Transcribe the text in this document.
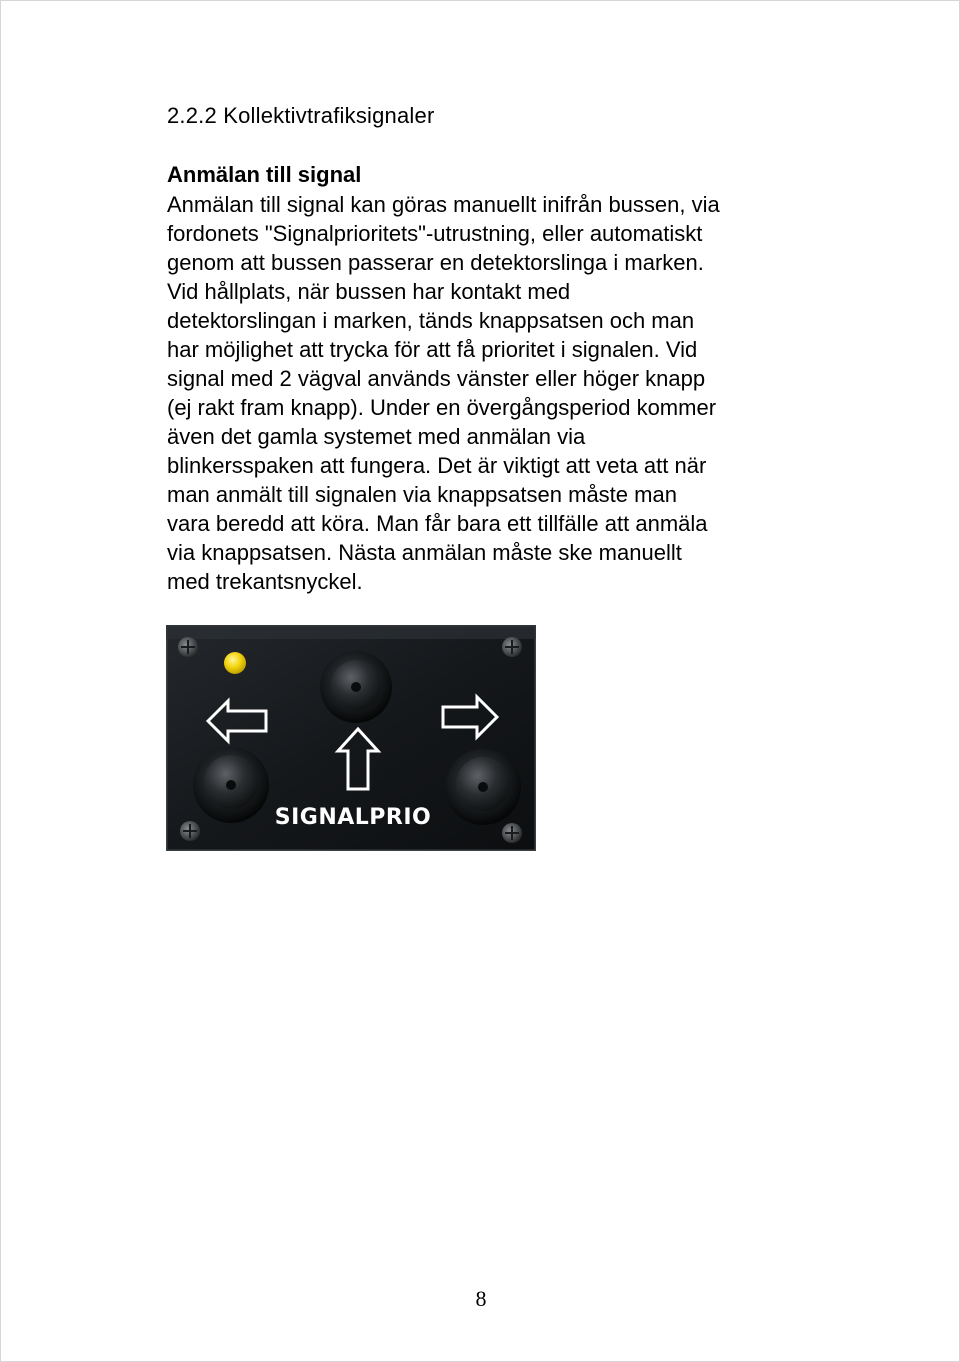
2.2.2 Kollektivtrafiksignaler
Anmälan till signal

Anmälan till signal kan göras manuellt inifrån bussen, via
fordonets "Signalprioritets"-utrustning, eller automatiskt
genom att bussen passerar en detektorslinga i marken.
Vid hållplats, när bussen har kontakt med
detektorslingan i marken, tänds knappsatsen och man
har möjlighet att trycka för att få prioritet i signalen. Vid
signal med 2 vägval används vänster eller höger knapp
(ej rakt fram knapp). Under en övergångsperiod kommer
även det gamla systemet med anmälan via
blinkersspaken att fungera. Det är viktigt att veta att när
man anmält till signalen via knappsatsen måste man
vara beredd att köra. Man får bara ett tillfälle att anmäla
via knappsatsen. Nästa anmälan måste ske manuellt
med trekantsnyckel.

SIGNALPRIO

8
